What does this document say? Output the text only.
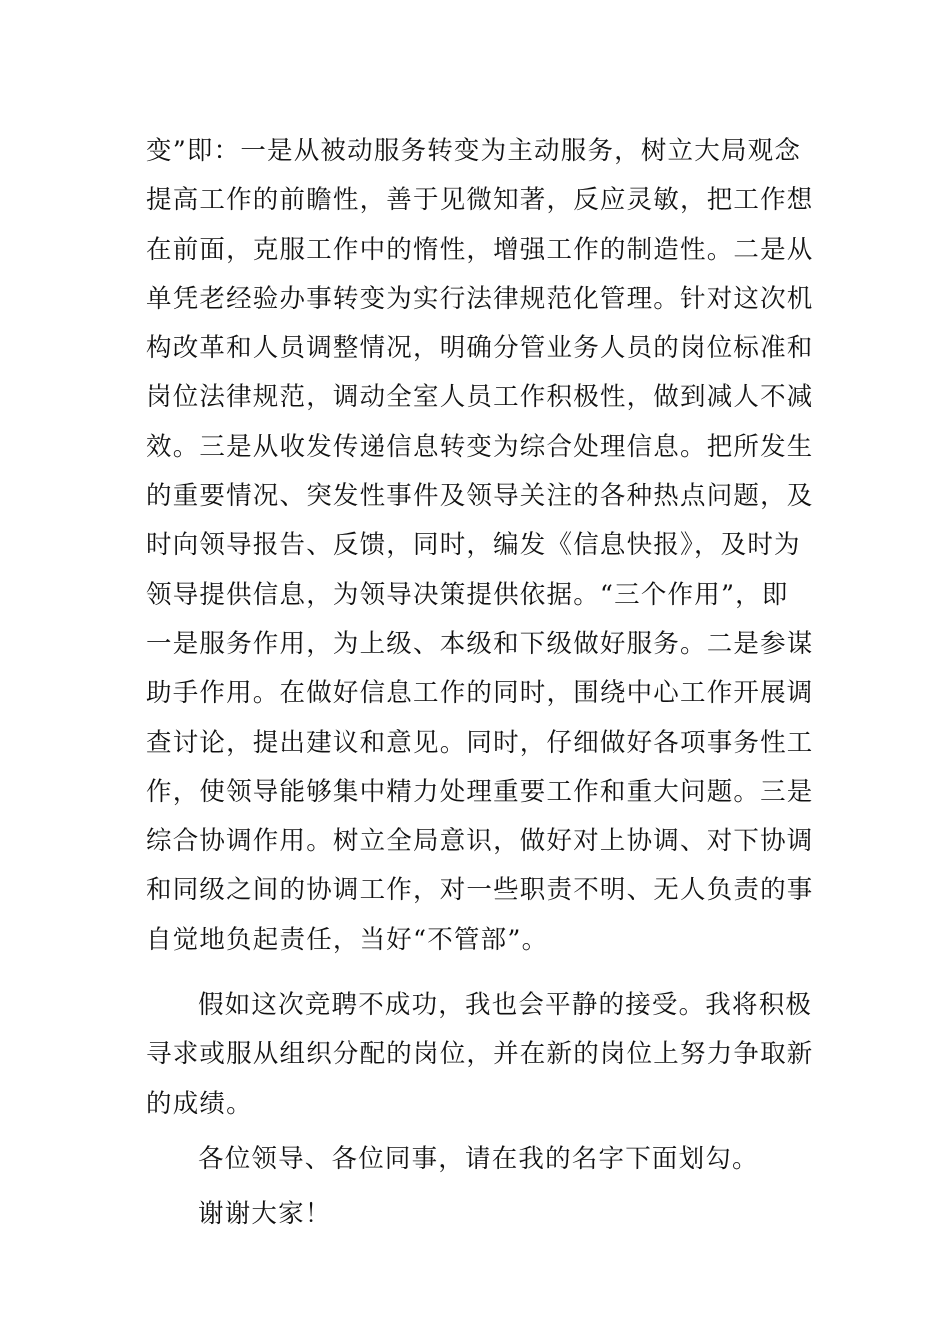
变”即：一是从被动服务转变为主动服务，树立大局观念
提高工作的前瞻性，善于见微知著，反应灵敏，把工作想
在前面，克服工作中的惰性，增强工作的制造性。二是从
单凭老经验办事转变为实行法律规范化管理。针对这次机
构改革和人员调整情况，明确分管业务人员的岗位标准和
岗位法律规范，调动全室人员工作积极性，做到减人不减
效。三是从收发传递信息转变为综合处理信息。把所发生
的重要情况、突发性事件及领导关注的各种热点问题，及
时向领导报告、反馈，同时，编发《信息快报》，及时为
领导提供信息，为领导决策提供依据。“三个作用”，即
一是服务作用，为上级、本级和下级做好服务。二是参谋
助手作用。在做好信息工作的同时，围绕中心工作开展调
查讨论，提出建议和意见。同时，仔细做好各项事务性工
作，使领导能够集中精力处理重要工作和重大问题。三是
综合协调作用。树立全局意识，做好对上协调、对下协调
和同级之间的协调工作，对一些职责不明、无人负责的事
自觉地负起责任，当好“不管部”。
假如这次竞聘不成功，我也会平静的接受。我将积极
寻求或服从组织分配的岗位，并在新的岗位上努力争取新
的成绩。
各位领导、各位同事，请在我的名字下面划勾。
谢谢大家！
